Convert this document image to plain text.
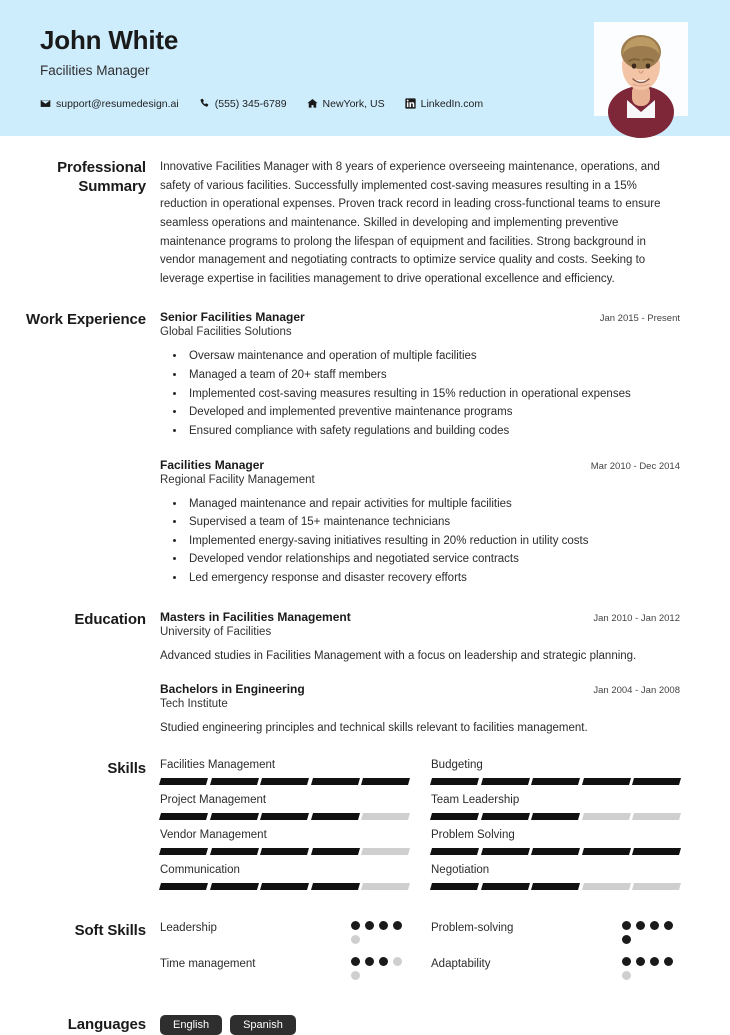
John White
Facilities Manager
support@resumedesign.ai	(555) 345-6789	NewYork, US	LinkedIn.com
Professional Summary
Innovative Facilities Manager with 8 years of experience overseeing maintenance, operations, and safety of various facilities. Successfully implemented cost-saving measures resulting in a 15% reduction in operational expenses. Proven track record in leading cross-functional teams to ensure seamless operations and maintenance. Skilled in developing and implementing preventive maintenance programs to prolong the lifespan of equipment and facilities. Strong background in vendor management and negotiating contracts to optimize service quality and costs. Seeking to leverage expertise in facilities management to drive operational excellence and efficiency.
Work Experience	Senior Facilities Manager	Jan 2015 - Present
Global Facilities Solutions
• Oversaw maintenance and operation of multiple facilities
• Managed a team of 20+ staff members
• Implemented cost-saving measures resulting in 15% reduction in operational expenses
• Developed and implemented preventive maintenance programs
• Ensured compliance with safety regulations and building codes
Facilities Manager	Mar 2010 - Dec 2014
Regional Facility Management
• Managed maintenance and repair activities for multiple facilities
• Supervised a team of 15+ maintenance technicians
• Implemented energy-saving initiatives resulting in 20% reduction in utility costs
• Developed vendor relationships and negotiated service contracts
• Led emergency response and disaster recovery efforts
Education	Masters in Facilities Management	Jan 2010 - Jan 2012
University of Facilities
Advanced studies in Facilities Management with a focus on leadership and strategic planning.
Bachelors in Engineering	Jan 2004 - Jan 2008
Tech Institute
Studied engineering principles and technical skills relevant to facilities management.
Skills	Facilities Management	Budgeting
Project Management	Team Leadership
Vendor Management	Problem Solving
Communication	Negotiation
Soft Skills	Leadership	Problem-solving
Time management	Adaptability
Languages	English	Spanish
